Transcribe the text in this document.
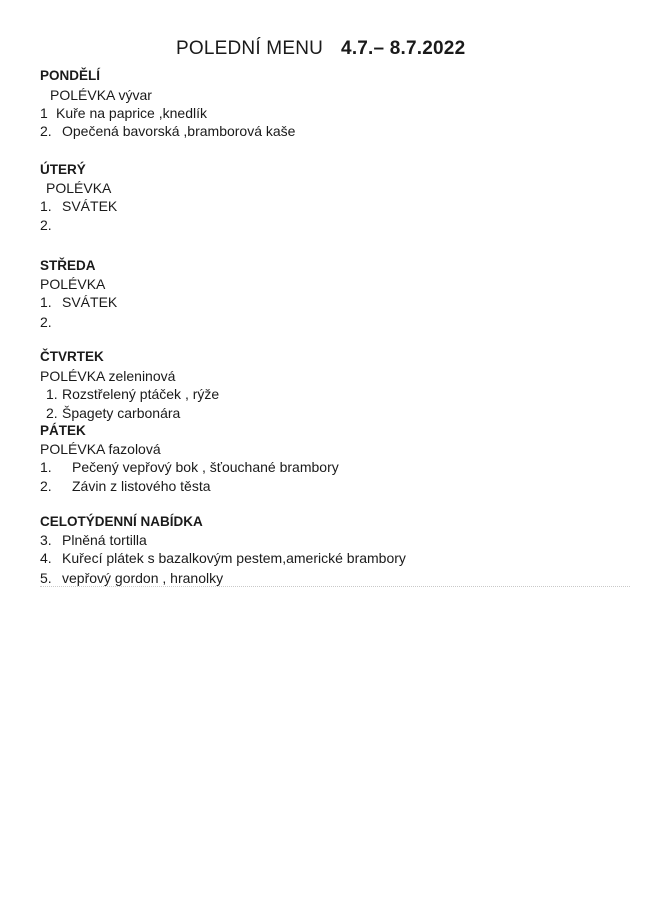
POLEDNÍ MENU 4.7.– 8.7.2022
PONDĚLÍ
POLÉVKA vývar
1 Kuře na paprice ,knedlík
2. Opečená bavorská ,bramborová kaše
ÚTERÝ
POLÉVKA
1. SVÁTEK
2.
STŘEDA
POLÉVKA
1. SVÁTEK
2.
ČTVRTEK
POLÉVKA zeleninová
1. Rozstřelený ptáček , rýže
2. Špagety carbonára
PÁTEK
POLÉVKA fazolová
1. Pečený vepřový bok , šťouchané brambory
2. Závin z listového těsta
CELOTÝDENNÍ NABÍDKA
3. Plněná tortilla
4. Kuřecí plátek s bazalkovým pestem,americké brambory
5. vepřový gordon , hranolky
